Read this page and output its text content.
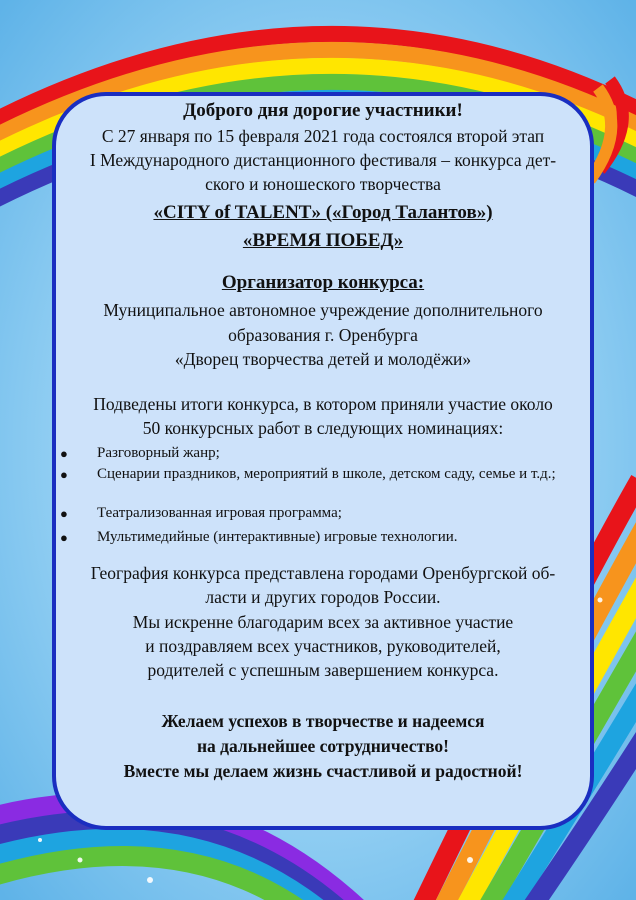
Доброго дня дорогие участники!
С 27 января по 15 февраля 2021 года состоялся второй этап
I Международного дистанционного фестиваля – конкурса дет-
ского и юношеского творчества
«CITY of TALENT» («Город Талантов»)
«ВРЕМЯ ПОБЕД»
Организатор конкурса:
Муниципальное автономное учреждение дополнительного
образования г. Оренбурга
«Дворец творчества детей и молодёжи»
Подведены итоги конкурса, в котором приняли участие около
50 конкурсных работ в следующих номинациях:
●	Разговорный жанр;
●	Сценарии праздников, мероприятий в школе, детском саду, семье и т.д.;
●	Театрализованная игровая программа;
●	Мультимедийные (интерактивные) игровые технологии.
География конкурса представлена городами Оренбургской об-
ласти и других городов России.
Мы искренне благодарим всех за активное участие
и поздравляем всех участников, руководителей,
родителей с успешным завершением конкурса.
Желаем успехов в творчестве и надеемся
на дальнейшее сотрудничество!
Вместе мы делаем жизнь счастливой и радостной!
